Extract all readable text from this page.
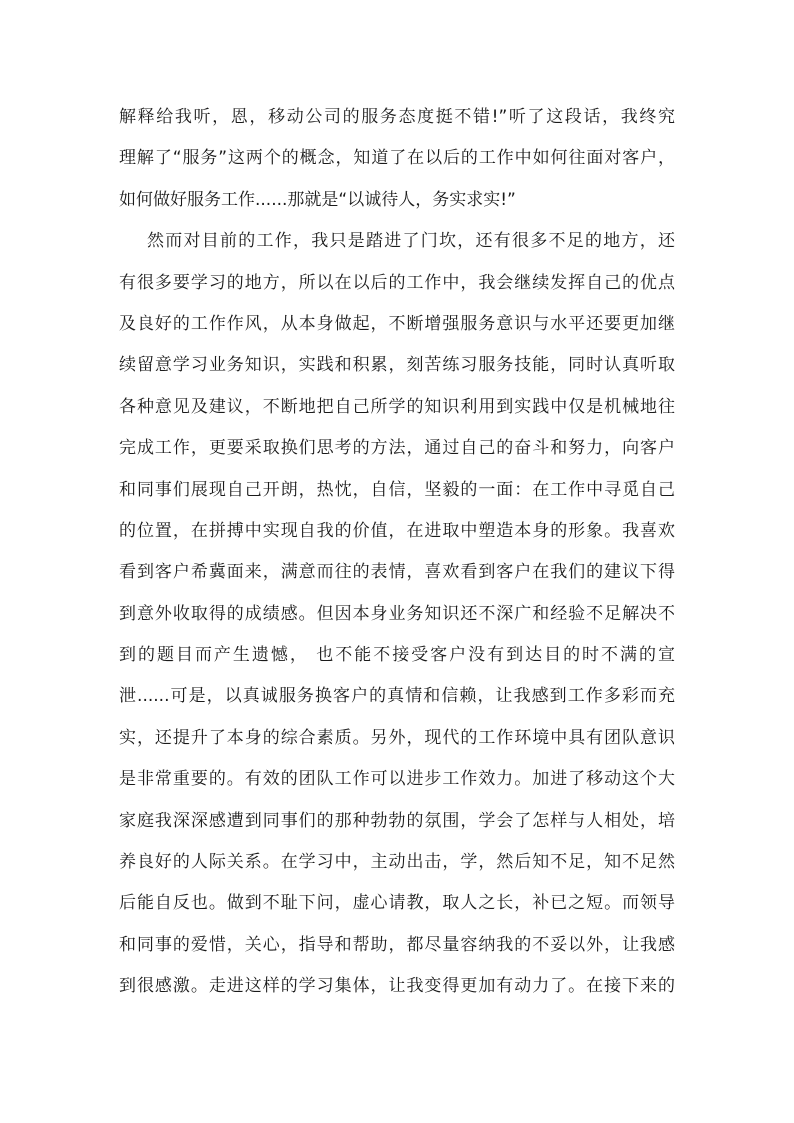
解释给我听，恩，移动公司的服务态度挺不错!”听了这段话，我终究
理解了“服务”这两个的概念，知道了在以后的工作中如何往面对客户，
如何做好服务工作......那就是“以诚待人，务实求实!”
然而对目前的工作，我只是踏进了门坎，还有很多不足的地方，还
有很多要学习的地方，所以在以后的工作中，我会继续发挥自己的优点
及良好的工作作风，从本身做起，不断增强服务意识与水平还要更加继
续留意学习业务知识，实践和积累，刻苦练习服务技能，同时认真听取
各种意见及建议，不断地把自己所学的知识利用到实践中仅是机械地往
完成工作，更要采取换们思考的方法，通过自己的奋斗和努力，向客户
和同事们展现自己开朗，热忱，自信，坚毅的一面：在工作中寻觅自己
的位置，在拼搏中实现自我的价值，在进取中塑造本身的形象。我喜欢
看到客户希冀面来，满意而往的表情，喜欢看到客户在我们的建议下得
到意外收取得的成绩感。但因本身业务知识还不深广和经验不足解决不
到的题目而产生遗憾， 也不能不接受客户没有到达目的时不满的宣
泄......可是，以真诚服务换客户的真情和信赖，让我感到工作多彩而充
实，还提升了本身的综合素质。另外，现代的工作环境中具有团队意识
是非常重要的。有效的团队工作可以进步工作效力。加进了移动这个大
家庭我深深感遭到同事们的那种勃勃的氛围，学会了怎样与人相处，培
养良好的人际关系。在学习中，主动出击，学，然后知不足，知不足然
后能自反也。做到不耻下问，虚心请教，取人之长，补已之短。而领导
和同事的爱惜，关心，指导和帮助，都尽量容纳我的不妥以外，让我感
到很感激。走进这样的学习集体，让我变得更加有动力了。在接下来的
